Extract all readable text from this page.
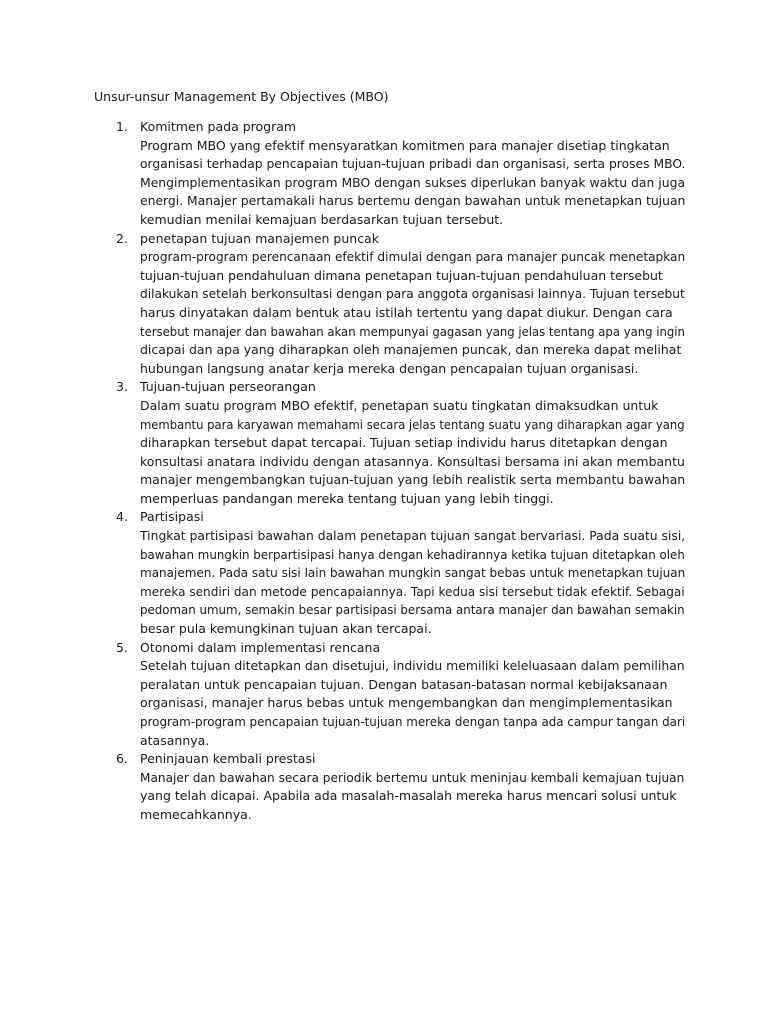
Unsur-unsur Management By Objectives (MBO)
1. Komitmen pada program
Program MBO yang efektif mensyaratkan komitmen para manajer disetiap tingkatan
organisasi terhadap pencapaian tujuan-tujuan pribadi dan organisasi, serta proses MBO.
Mengimplementasikan program MBO dengan sukses diperlukan banyak waktu dan juga
energi. Manajer pertamakali harus bertemu dengan bawahan untuk menetapkan tujuan
kemudian menilai kemajuan berdasarkan tujuan tersebut.
2. penetapan tujuan manajemen puncak
program-program perencanaan efektif dimulai dengan para manajer puncak menetapkan
tujuan-tujuan pendahuluan dimana penetapan tujuan-tujuan pendahuluan tersebut
dilakukan setelah berkonsultasi dengan para anggota organisasi lainnya. Tujuan tersebut
harus dinyatakan dalam bentuk atau istilah tertentu yang dapat diukur. Dengan cara
tersebut manajer dan bawahan akan mempunyai gagasan yang jelas tentang apa yang ingin
dicapai dan apa yang diharapkan oleh manajemen puncak, dan mereka dapat melihat
hubungan langsung anatar kerja mereka dengan pencapaian tujuan organisasi.
3. Tujuan-tujuan perseorangan
Dalam suatu program MBO efektif, penetapan suatu tingkatan dimaksudkan untuk
membantu para karyawan memahami secara jelas tentang suatu yang diharapkan agar yang
diharapkan tersebut dapat tercapai. Tujuan setiap individu harus ditetapkan dengan
konsultasi anatara individu dengan atasannya. Konsultasi bersama ini akan membantu
manajer mengembangkan tujuan-tujuan yang lebih realistik serta membantu bawahan
memperluas pandangan mereka tentang tujuan yang lebih tinggi.
4. Partisipasi
Tingkat partisipasi bawahan dalam penetapan tujuan sangat bervariasi. Pada suatu sisi,
bawahan mungkin berpartisipasi hanya dengan kehadirannya ketika tujuan ditetapkan oleh
manajemen. Pada satu sisi lain bawahan mungkin sangat bebas untuk menetapkan tujuan
mereka sendiri dan metode pencapaiannya. Tapi kedua sisi tersebut tidak efektif. Sebagai
pedoman umum, semakin besar partisipasi bersama antara manajer dan bawahan semakin
besar pula kemungkinan tujuan akan tercapai.
5. Otonomi dalam implementasi rencana
Setelah tujuan ditetapkan dan disetujui, individu memiliki keleluasaan dalam pemilihan
peralatan untuk pencapaian tujuan. Dengan batasan-batasan normal kebijaksanaan
organisasi, manajer harus bebas untuk mengembangkan dan mengimplementasikan
program-program pencapaian tujuan-tujuan mereka dengan tanpa ada campur tangan dari
atasannya.
6. Peninjauan kembali prestasi
Manajer dan bawahan secara periodik bertemu untuk meninjau kembali kemajuan tujuan
yang telah dicapai. Apabila ada masalah-masalah mereka harus mencari solusi untuk
memecahkannya.
